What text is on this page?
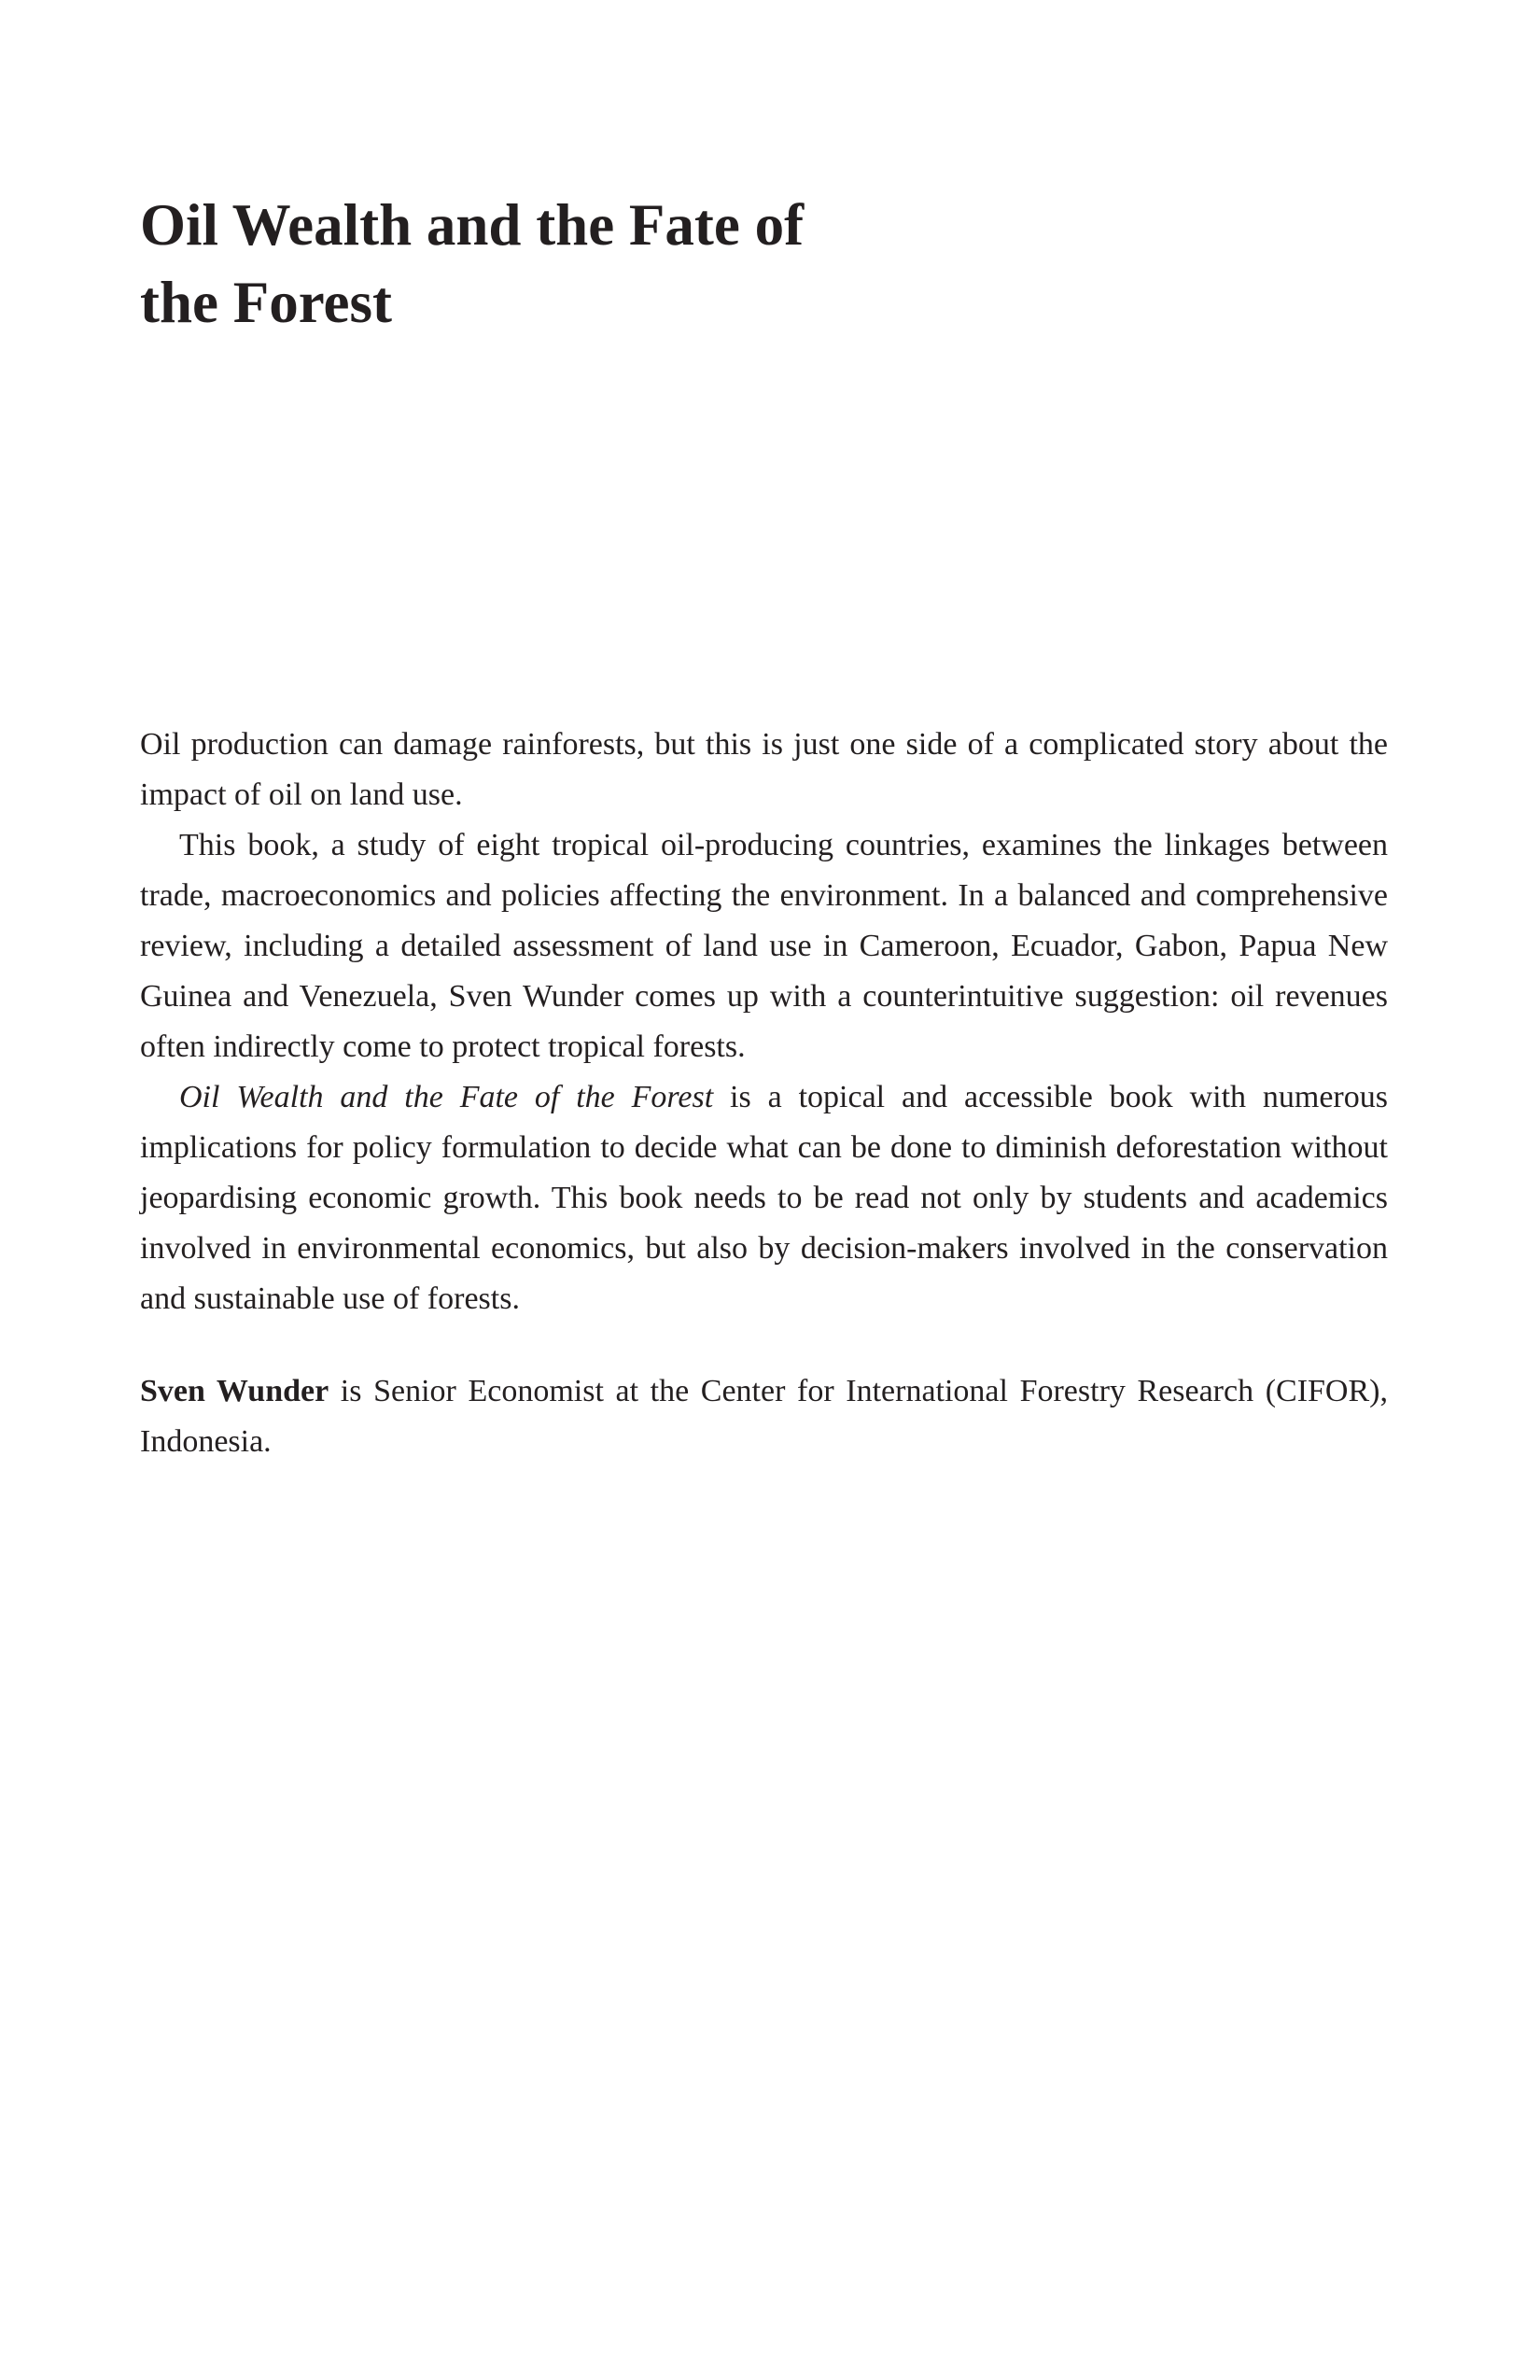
Oil Wealth and the Fate of
the Forest

Oil production can damage rainforests, but this is just one side of a complicated story about the impact of oil on land use.

This book, a study of eight tropical oil-producing countries, examines the linkages between trade, macroeconomics and policies affecting the environment. In a balanced and comprehensive review, including a detailed assessment of land use in Cameroon, Ecuador, Gabon, Papua New Guinea and Venezuela, Sven Wunder comes up with a counterintuitive suggestion: oil revenues often indirectly come to protect tropical forests.

Oil Wealth and the Fate of the Forest is a topical and accessible book with numerous implications for policy formulation to decide what can be done to diminish deforestation without jeopardising economic growth. This book needs to be read not only by students and academics involved in environmental economics, but also by decision-makers involved in the conservation and sustainable use of forests.

Sven Wunder is Senior Economist at the Center for International Forestry Research (CIFOR), Indonesia.
